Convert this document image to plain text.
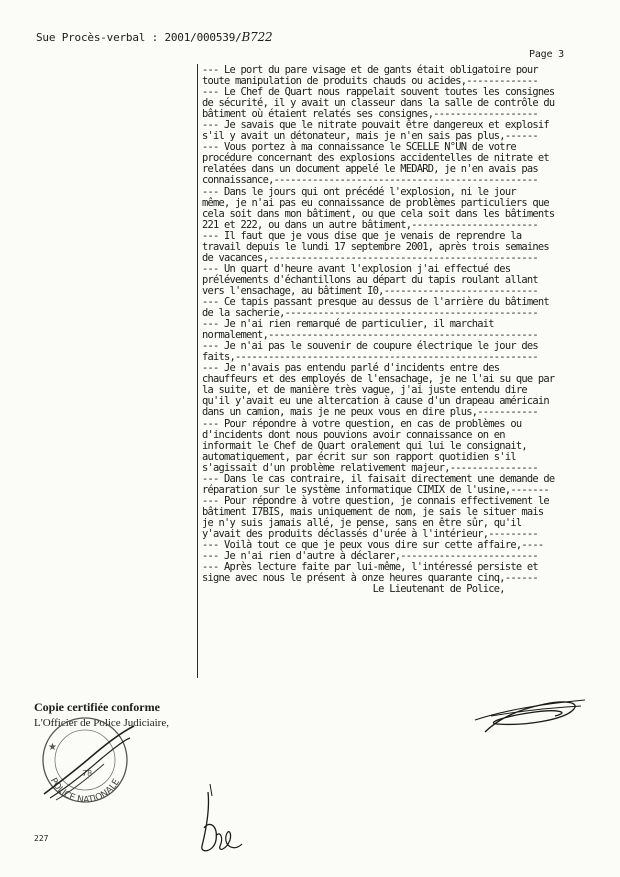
Sue Procès-verbal : 2001/000539/B722
Page 3
--- Le port du pare visage et de gants était obligatoire pour
toute manipulation de produits chauds ou acides,-------------
--- Le Chef de Quart nous rappelait souvent toutes les consignes
de sécurité, il y avait un classeur dans la salle de contrôle du
bâtiment où étaient relatés ses consignes,-------------------
--- Je savais que le nitrate pouvait être dangereux et explosif
s'il y avait un détonateur, mais je n'en sais pas plus,------
--- Vous portez à ma connaissance le SCELLE N°UN de votre
procédure concernant des explosions accidentelles de nitrate et
relatées dans un document appelé le MEDARD, je n'en avais pas
connaissance,------------------------------------------------
--- Dans le jours qui ont précédé l'explosion, ni le jour
même, je n'ai pas eu connaissance de problèmes particuliers que
cela soit dans mon bâtiment, ou que cela soit dans les bâtiments
221 et 222, ou dans un autre bâtiment,-----------------------
--- Il faut que je vous dise que je venais de reprendre la
travail depuis le lundi 17 septembre 2001, après trois semaines
de vacances,-------------------------------------------------
--- Un quart d'heure avant l'explosion j'ai effectué des
prélévements d'échantillons au départ du tapis roulant allant
vers l'ensachage, au bâtiment I0,----------------------------
--- Ce tapis passant presque au dessus de l'arrière du bâtiment
de la sacherie,----------------------------------------------
--- Je n'ai rien remarqué de particulier, il marchait
normalement,-------------------------------------------------
--- Je n'ai pas le souvenir de coupure électrique le jour des
faits,-------------------------------------------------------
--- Je n'avais pas entendu parlé d'incidents entre des
chauffeurs et des employés de l'ensachage, je ne l'ai su que par
la suite, et de manière très vague, j'ai juste entendu dire
qu'il y'avait eu une altercation à cause d'un drapeau américain
dans un camion, mais je ne peux vous en dire plus,-----------
--- Pour répondre à votre question, en cas de problèmes ou
d'incidents dont nous pouvions avoir connaissance on en
informait le Chef de Quart oralement qui lui le consignait,
automatiquement, par écrit sur son rapport quotidien s'il
s'agissait d'un problème relativement majeur,----------------
--- Dans le cas contraire, il faisait directement une demande de
réparation sur le système informatique CIMIX de l'usine,-------
--- Pour répondre à votre question, je connais effectivement le
bâtiment I7BIS, mais uniquement de nom, je sais le situer mais
je n'y suis jamais allé, je pense, sans en être sûr, qu'il
y'avait des produits déclassés d'urée à l'intérieur,---------
--- Voilà tout ce que je peux vous dire sur cette affaire,----
--- Je n'ai rien d'autre à déclarer,-------------------------
--- Après lecture faite par lui-même, l'intéressé persiste et
signe avec nous le présent à onze heures quarante cinq,------
Le Lieutenant de Police,
Copie certifiée conforme
L'Officier de Police Judiciaire,
POLICE NATIONALE
78
★
227
